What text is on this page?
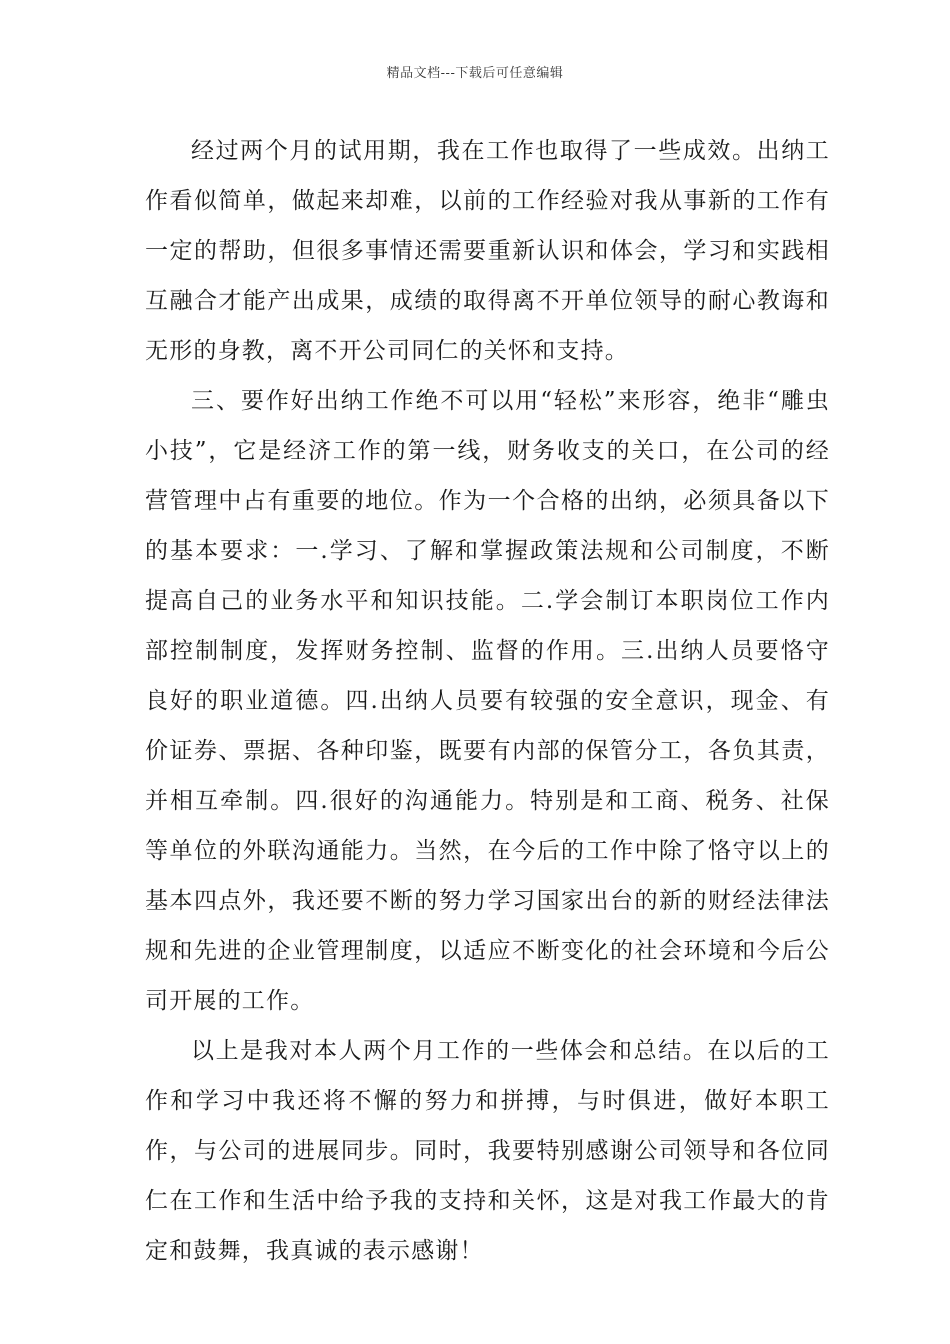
精品文档---下载后可任意编辑

经过两个月的试用期，我在工作也取得了一些成效。出纳工作看似简单，做起来却难，以前的工作经验对我从事新的工作有一定的帮助，但很多事情还需要重新认识和体会，学习和实践相互融合才能产出成果，成绩的取得离不开单位领导的耐心教诲和无形的身教，离不开公司同仁的关怀和支持。

三、要作好出纳工作绝不可以用“轻松”来形容，绝非“雕虫小技”，它是经济工作的第一线，财务收支的关口，在公司的经营管理中占有重要的地位。作为一个合格的出纳，必须具备以下的基本要求：一.学习、了解和掌握政策法规和公司制度，不断提高自己的业务水平和知识技能。二.学会制订本职岗位工作内部控制制度，发挥财务控制、监督的作用。三.出纳人员要恪守良好的职业道德。四.出纳人员要有较强的安全意识，现金、有价证券、票据、各种印鉴，既要有内部的保管分工，各负其责，并相互牵制。四.很好的沟通能力。特别是和工商、税务、社保等单位的外联沟通能力。当然，在今后的工作中除了恪守以上的基本四点外，我还要不断的努力学习国家出台的新的财经法律法规和先进的企业管理制度，以适应不断变化的社会环境和今后公司开展的工作。

以上是我对本人两个月工作的一些体会和总结。在以后的工作和学习中我还将不懈的努力和拼搏，与时俱进，做好本职工作，与公司的进展同步。同时，我要特别感谢公司领导和各位同仁在工作和生活中给予我的支持和关怀，这是对我工作最大的肯定和鼓舞，我真诚的表示感谢！
